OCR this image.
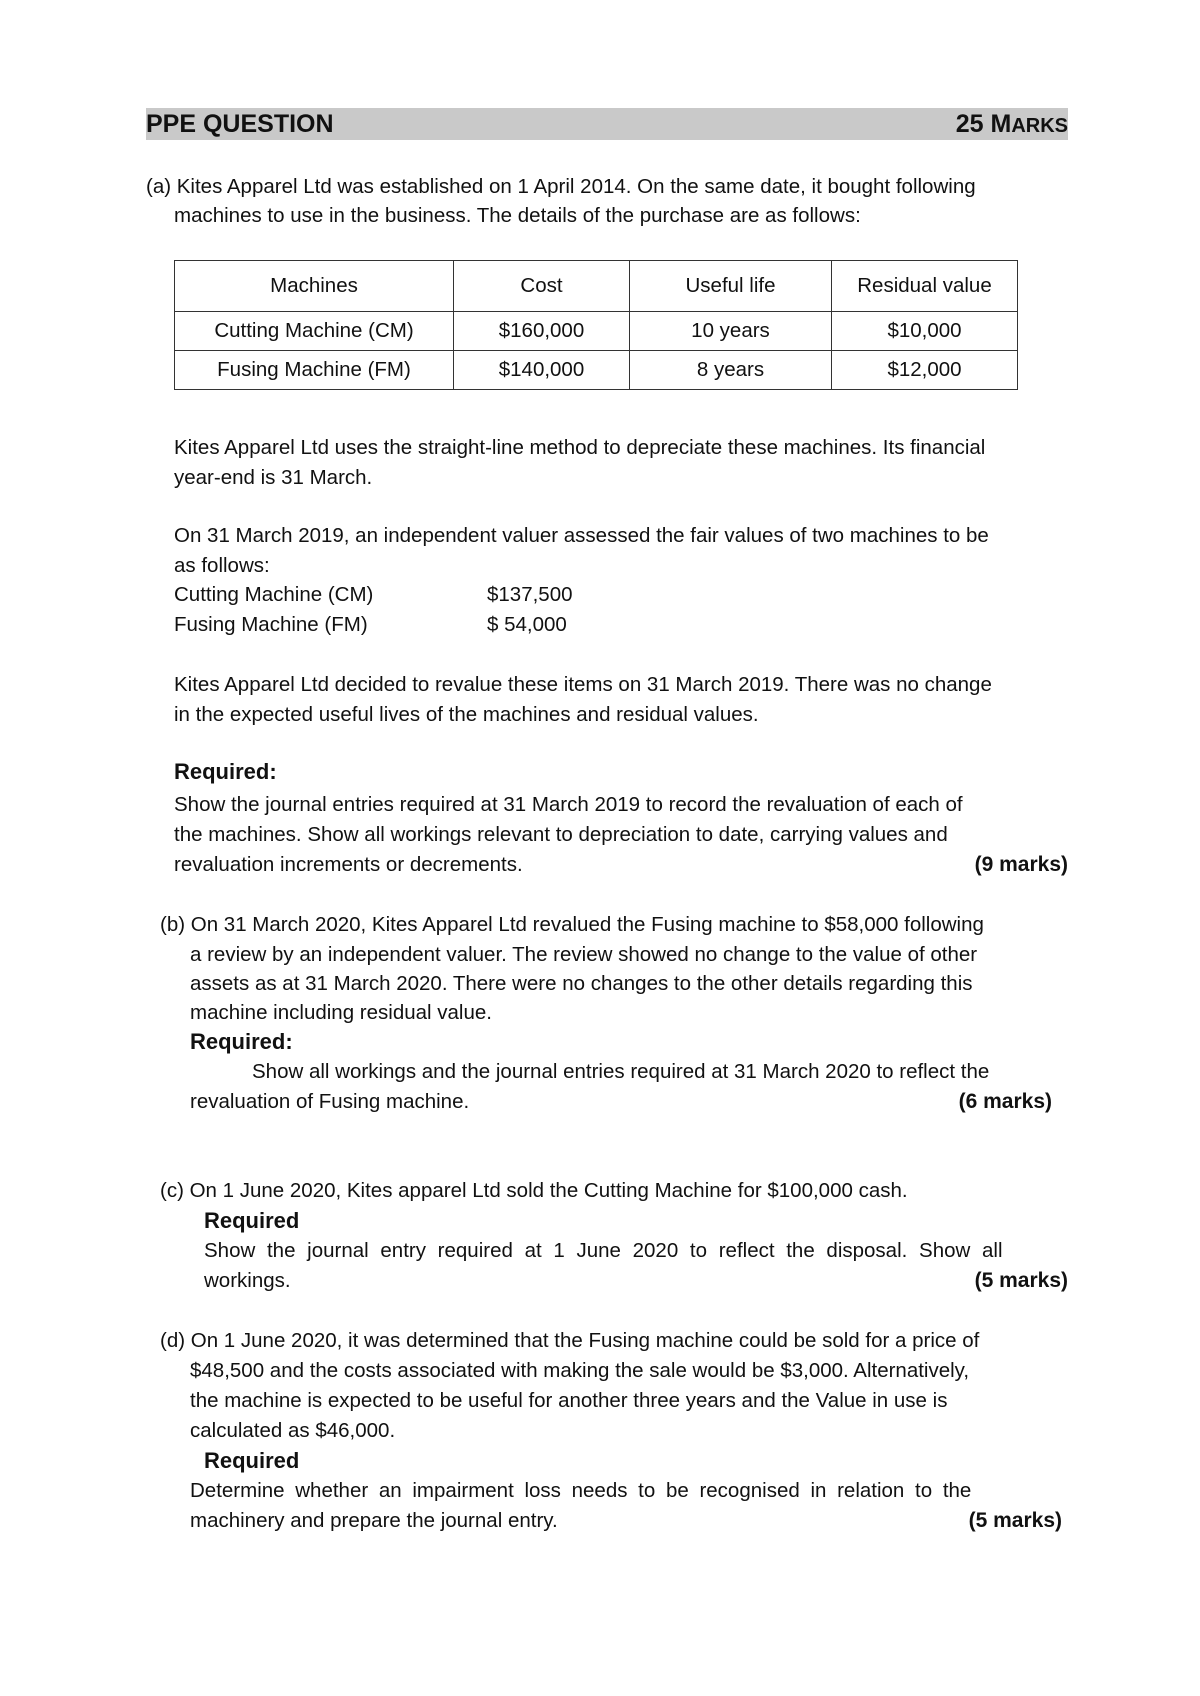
PPE QUESTION	25 MARKS
(a) Kites Apparel Ltd was established on 1 April 2014. On the same date, it bought following
machines to use in the business. The details of the purchase are as follows:
Machines	Cost	Useful life	Residual value
Cutting Machine (CM)	$160,000	10 years	$10,000
Fusing Machine (FM)	$140,000	8 years	$12,000
Kites Apparel Ltd uses the straight-line method to depreciate these machines. Its financial
year-end is 31 March.
On 31 March 2019, an independent valuer assessed the fair values of two machines to be
as follows:
Cutting Machine (CM)	$137,500
Fusing Machine (FM)	$ 54,000
Kites Apparel Ltd decided to revalue these items on 31 March 2019. There was no change
in the expected useful lives of the machines and residual values.
Required:
Show the journal entries required at 31 March 2019 to record the revaluation of each of
the machines. Show all workings relevant to depreciation to date, carrying values and
revaluation increments or decrements.	(9 marks)
(b) On 31 March 2020, Kites Apparel Ltd revalued the Fusing machine to $58,000 following
a review by an independent valuer. The review showed no change to the value of other
assets as at 31 March 2020. There were no changes to the other details regarding this
machine including residual value.
Required:
Show all workings and the journal entries required at 31 March 2020 to reflect the
revaluation of Fusing machine.	(6 marks)
(c) On 1 June 2020, Kites apparel Ltd sold the Cutting Machine for $100,000 cash.
Required
Show the journal entry required at 1 June 2020 to reflect the disposal. Show all
workings.	(5 marks)
(d) On 1 June 2020, it was determined that the Fusing machine could be sold for a price of
$48,500 and the costs associated with making the sale would be $3,000. Alternatively,
the machine is expected to be useful for another three years and the Value in use is
calculated as $46,000.
Required
Determine whether an impairment loss needs to be recognised in relation to the
machinery and prepare the journal entry.	(5 marks)
